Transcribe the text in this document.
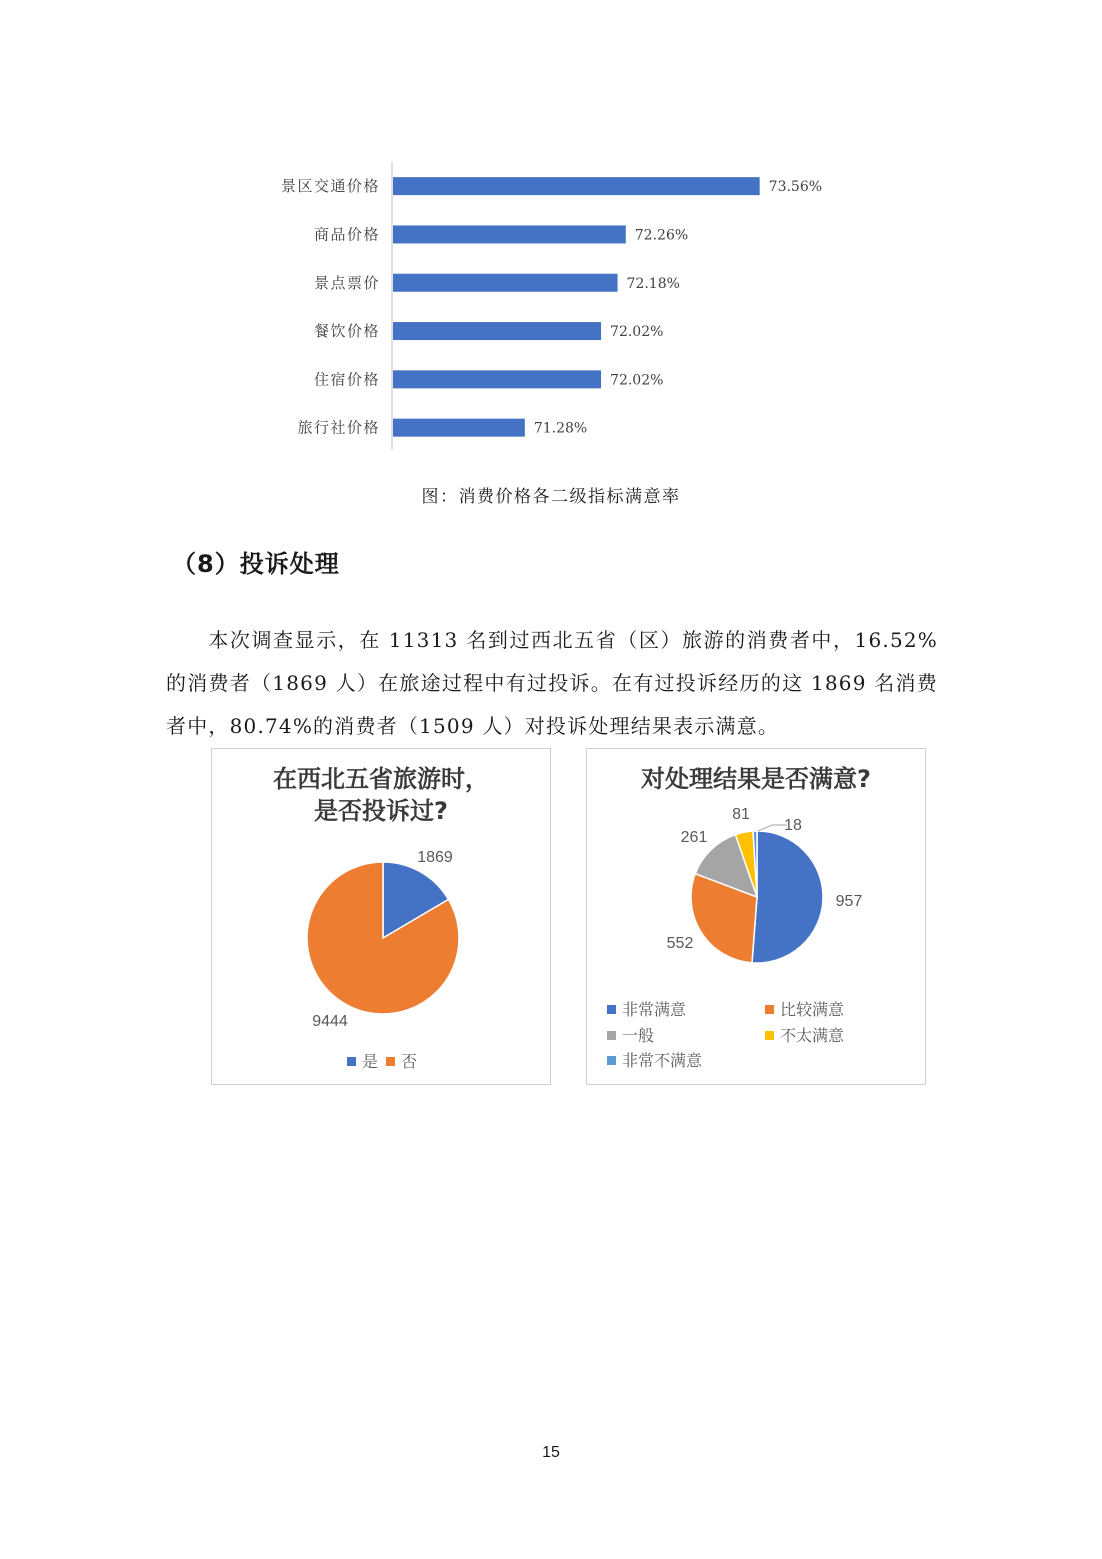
景区交通价格	73.56%
商品价格	72.26%
景点票价	72.18%
餐饮价格	72.02%
住宿价格	72.02%
旅行社价格	71.28%
图：消费价格各二级指标满意率
（8）投诉处理

本次调查显示，在 11313 名到过西北五省（区）旅游的消费者中，16.52%的消费者（1869 人）在旅途过程中有过投诉。在有过投诉经历的这 1869 名消费者中，80.74%的消费者（1509 人）对投诉处理结果表示满意。

在西北五省旅游时，
是否投诉过?
1869
9444
是	否
对处理结果是否满意?
957
552
261
81
18
非常满意	比较满意
一般	不太满意
非常不满意
15
